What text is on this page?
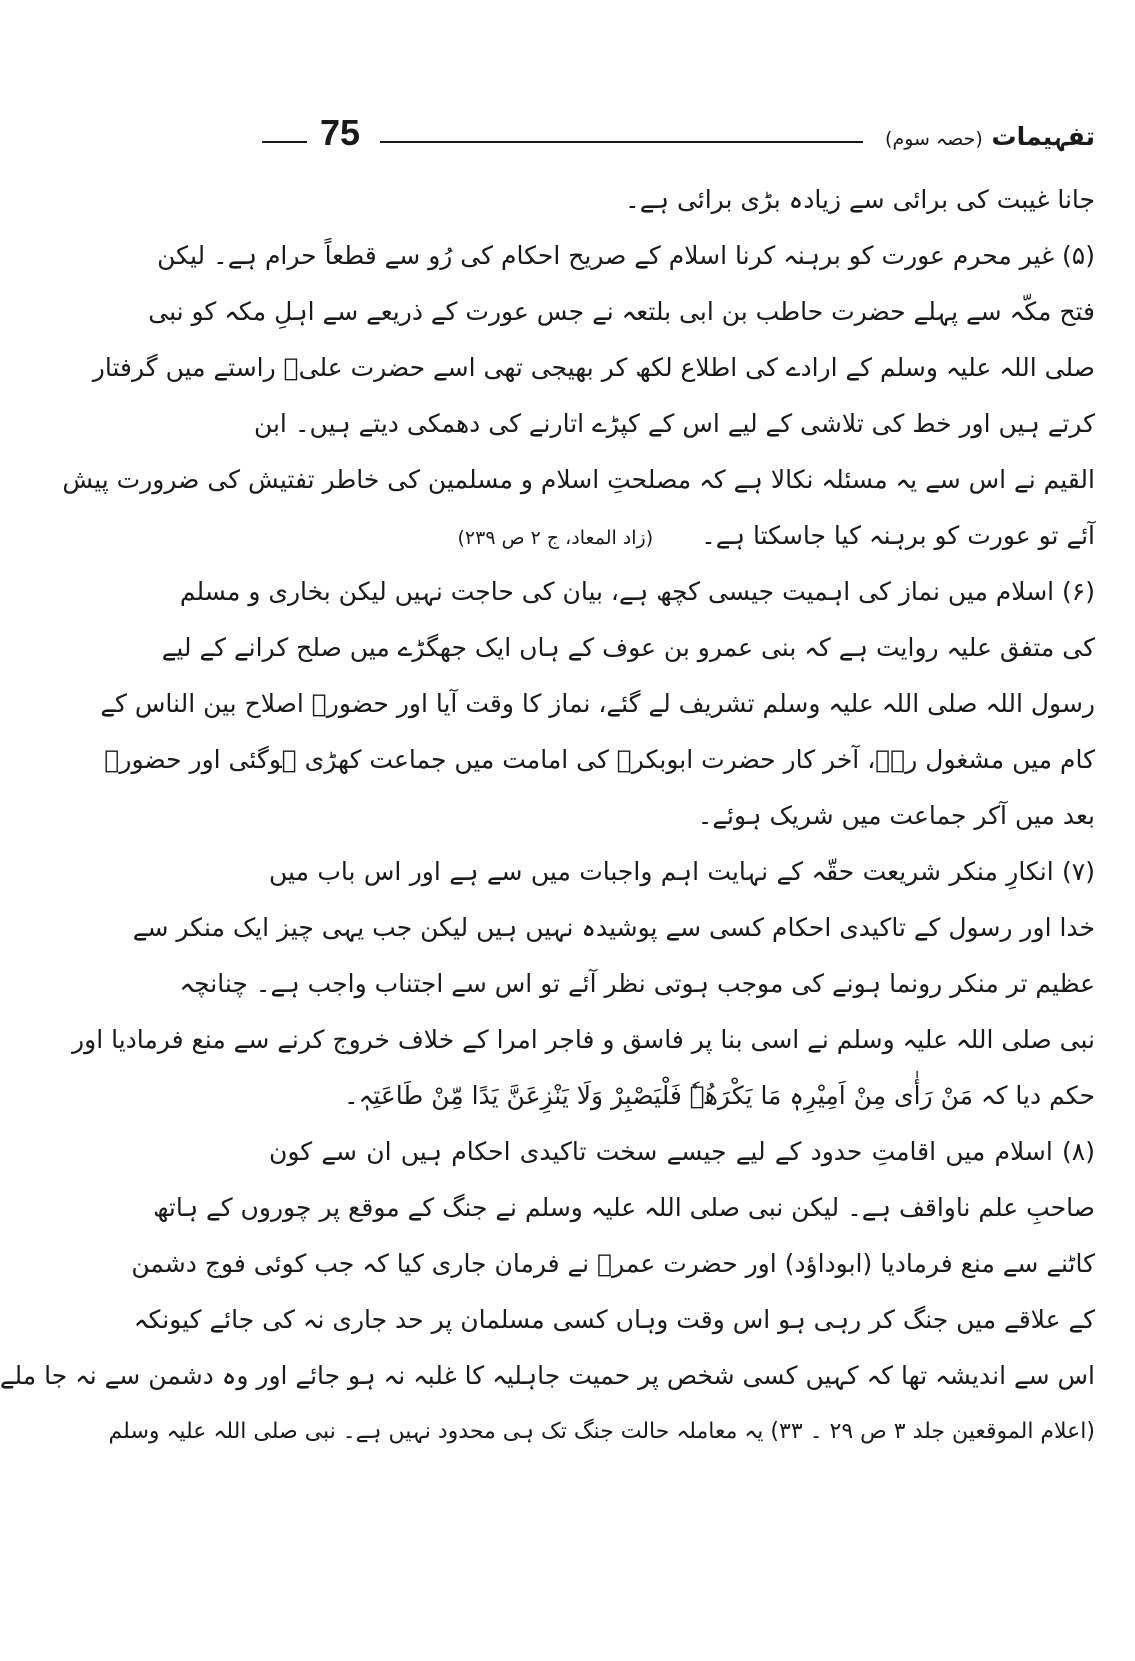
تفہیمات (حصہ سوم)
75
جانا غیبت کی برائی سے زیادہ بڑی برائی ہے۔
(۵) غیر محرم عورت کو برہنہ کرنا اسلام کے صریح احکام کی رُو سے قطعاً حرام ہے۔ لیکن
فتح مکّہ سے پہلے حضرت حاطب بن ابی بلتعہ نے جس عورت کے ذریعے سے اہلِ مکہ کو نبی
صلی اللہ علیہ وسلم کے ارادے کی اطلاع لکھ کر بھیجی تھی اسے حضرت علیؓ راستے میں گرفتار
کرتے ہیں اور خط کی تلاشی کے لیے اس کے کپڑے اتارنے کی دھمکی دیتے ہیں۔ ابن
القیم نے اس سے یہ مسئلہ نکالا ہے کہ مصلحتِ اسلام و مسلمین کی خاطر تفتیش کی ضرورت پیش
آئے تو عورت کو برہنہ کیا جاسکتا ہے۔ (زاد المعاد، ج ۲ ص ۲۳۹)
(۶) اسلام میں نماز کی اہمیت جیسی کچھ ہے، بیان کی حاجت نہیں لیکن بخاری و مسلم
کی متفق علیہ روایت ہے کہ بنی عمرو بن عوف کے ہاں ایک جھگڑے میں صلح کرانے کے لیے
رسول اللہ صلی اللہ علیہ وسلم تشریف لے گئے، نماز کا وقت آیا اور حضورؐ اصلاح بین الناس کے
کام میں مشغول رہے، آخر کار حضرت ابوبکرؓ کی امامت میں جماعت کھڑی ہوگئی اور حضورؐ
بعد میں آکر جماعت میں شریک ہوئے۔
(۷) انکارِ منکر شریعت حقّہ کے نہایت اہم واجبات میں سے ہے اور اس باب میں
خدا اور رسول کے تاکیدی احکام کسی سے پوشیدہ نہیں ہیں لیکن جب یہی چیز ایک منکر سے
عظیم تر منکر رونما ہونے کی موجب ہوتی نظر آئے تو اس سے اجتناب واجب ہے۔ چنانچہ
نبی صلی اللہ علیہ وسلم نے اسی بنا پر فاسق و فاجر امرا کے خلاف خروج کرنے سے منع فرمادیا اور
حکم دیا کہ مَنْ رَأٰی مِنْ اَمِیْرِہٖ مَا یَکْرَھُہٗ فَلْیَصْبِرْ وَلَا یَنْزِعَنَّ یَدًا مِّنْ طَاعَتِہٖ۔
(۸) اسلام میں اقامتِ حدود کے لیے جیسے سخت تاکیدی احکام ہیں ان سے کون
صاحبِ علم ناواقف ہے۔ لیکن نبی صلی اللہ علیہ وسلم نے جنگ کے موقع پر چوروں کے ہاتھ
کاٹنے سے منع فرمادیا (ابوداؤد) اور حضرت عمرؓ نے فرمان جاری کیا کہ جب کوئی فوج دشمن
کے علاقے میں جنگ کر رہی ہو اس وقت وہاں کسی مسلمان پر حد جاری نہ کی جائے کیونکہ
اس سے اندیشہ تھا کہ کہیں کسی شخص پر حمیت جاہلیہ کا غلبہ نہ ہو جائے اور وہ دشمن سے نہ جا ملے
(اعلام الموقعین جلد ۳ ص ۲۹ ۔ ۳۳) یہ معاملہ حالت جنگ تک ہی محدود نہیں ہے۔ نبی صلی اللہ علیہ وسلم
